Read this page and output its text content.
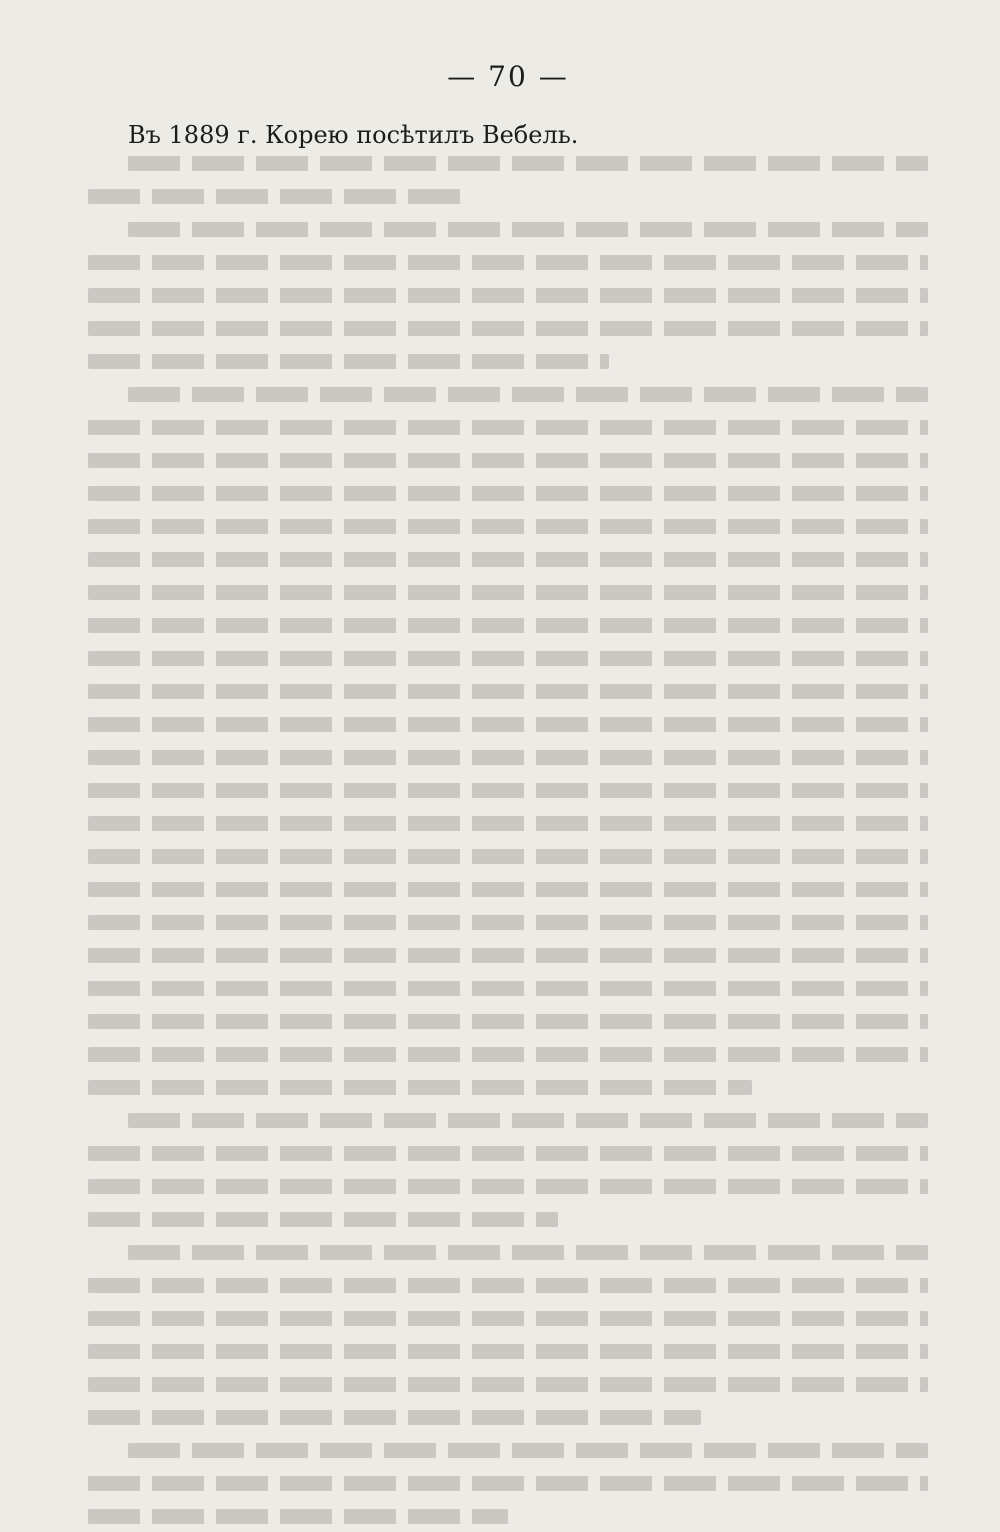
— 70 —

Въ 1889 г. Корею посѣтилъ Вебель.
